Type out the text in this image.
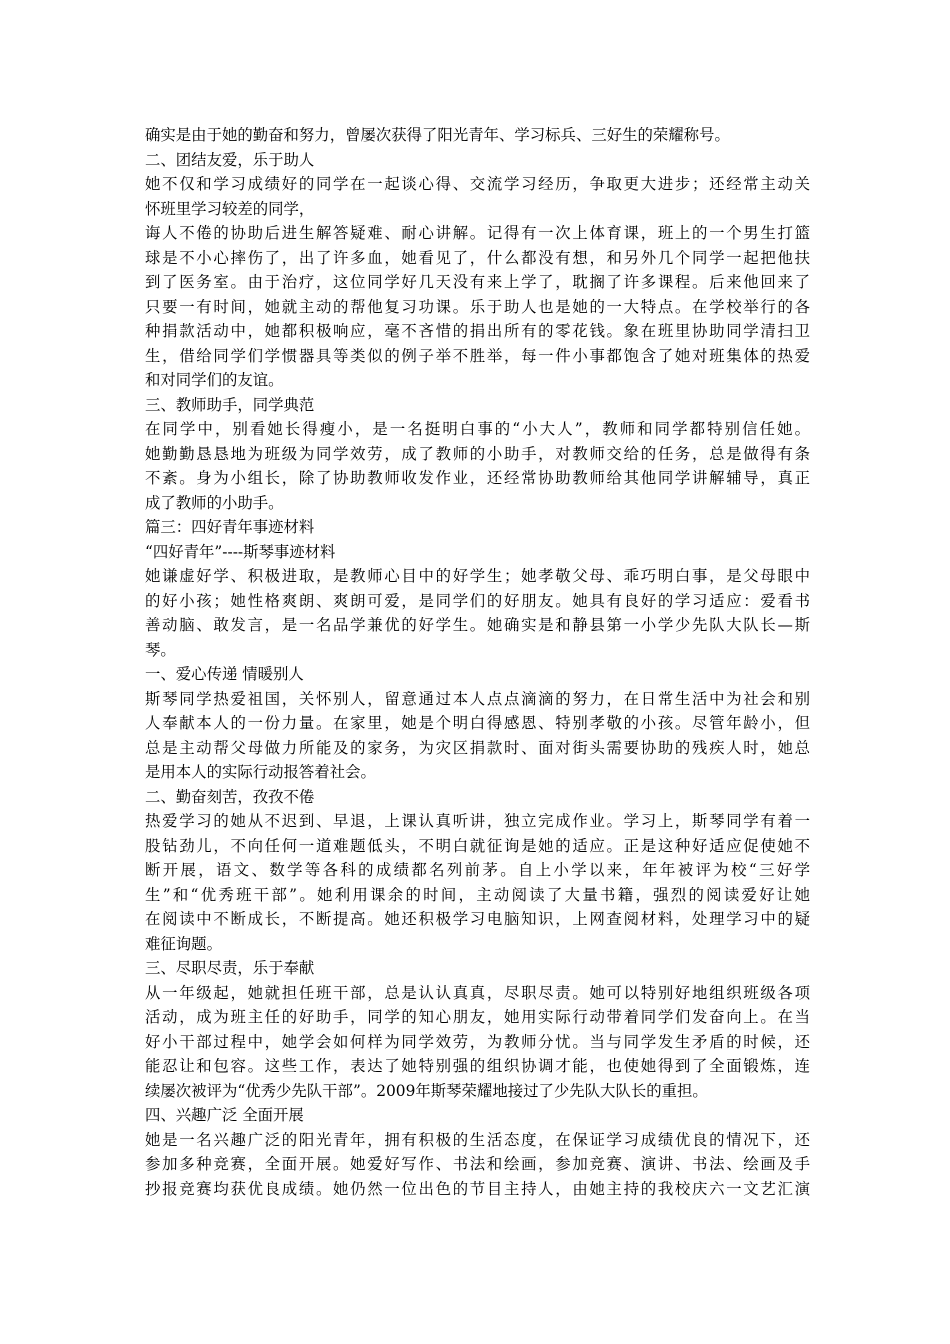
确实是由于她的勤奋和努力，曾屡次获得了阳光青年、学习标兵、三好生的荣耀称号。
二、团结友爱，乐于助人
她不仅和学习成绩好的同学在一起谈心得、交流学习经历，争取更大进步；还经常主动关
怀班里学习较差的同学，
诲人不倦的协助后进生解答疑难、耐心讲解。记得有一次上体育课，班上的一个男生打篮
球是不小心摔伤了，出了许多血，她看见了，什么都没有想，和另外几个同学一起把他扶
到了医务室。由于治疗，这位同学好几天没有来上学了，耽搁了许多课程。后来他回来了
只要一有时间，她就主动的帮他复习功课。乐于助人也是她的一大特点。在学校举行的各
种捐款活动中，她都积极响应，毫不吝惜的捐出所有的零花钱。象在班里协助同学清扫卫
生，借给同学们学惯器具等类似的例子举不胜举，每一件小事都饱含了她对班集体的热爱
和对同学们的友谊。
三、教师助手，同学典范
在同学中，别看她长得瘦小，是一名挺明白事的“小大人”，教师和同学都特别信任她。
她勤勤恳恳地为班级为同学效劳，成了教师的小助手，对教师交给的任务，总是做得有条
不紊。身为小组长，除了协助教师收发作业，还经常协助教师给其他同学讲解辅导，真正
成了教师的小助手。
篇三：四好青年事迹材料
“四好青年”----斯琴事迹材料
她谦虚好学、积极进取，是教师心目中的好学生；她孝敬父母、乖巧明白事，是父母眼中
的好小孩；她性格爽朗、爽朗可爱，是同学们的好朋友。她具有良好的学习适应：爱看书
善动脑、敢发言，是一名品学兼优的好学生。她确实是和静县第一小学少先队大队长—斯
琴。
一、爱心传递 情暖别人
斯琴同学热爱祖国，关怀别人，留意通过本人点点滴滴的努力，在日常生活中为社会和别
人奉献本人的一份力量。在家里，她是个明白得感恩、特别孝敬的小孩。尽管年龄小，但
总是主动帮父母做力所能及的家务，为灾区捐款时、面对街头需要协助的残疾人时，她总
是用本人的实际行动报答着社会。
二、勤奋刻苦，孜孜不倦
热爱学习的她从不迟到、早退，上课认真听讲，独立完成作业。学习上，斯琴同学有着一
股钻劲儿，不向任何一道难题低头，不明白就征询是她的适应。正是这种好适应促使她不
断开展，语文、数学等各科的成绩都名列前茅。自上小学以来，年年被评为校“三好学
生”和“优秀班干部”。她利用课余的时间，主动阅读了大量书籍，强烈的阅读爱好让她
在阅读中不断成长，不断提高。她还积极学习电脑知识，上网查阅材料，处理学习中的疑
难征询题。
三、尽职尽责，乐于奉献
从一年级起，她就担任班干部，总是认认真真，尽职尽责。她可以特别好地组织班级各项
活动，成为班主任的好助手，同学的知心朋友，她用实际行动带着同学们发奋向上。在当
好小干部过程中，她学会如何样为同学效劳，为教师分忧。当与同学发生矛盾的时候，还
能忍让和包容。这些工作，表达了她特别强的组织协调才能，也使她得到了全面锻炼，连
续屡次被评为“优秀少先队干部”。2009年斯琴荣耀地接过了少先队大队长的重担。
四、兴趣广泛 全面开展
她是一名兴趣广泛的阳光青年，拥有积极的生活态度，在保证学习成绩优良的情况下，还
参加多种竞赛，全面开展。她爱好写作、书法和绘画，参加竞赛、演讲、书法、绘画及手
抄报竞赛均获优良成绩。她仍然一位出色的节目主持人，由她主持的我校庆六一文艺汇演
